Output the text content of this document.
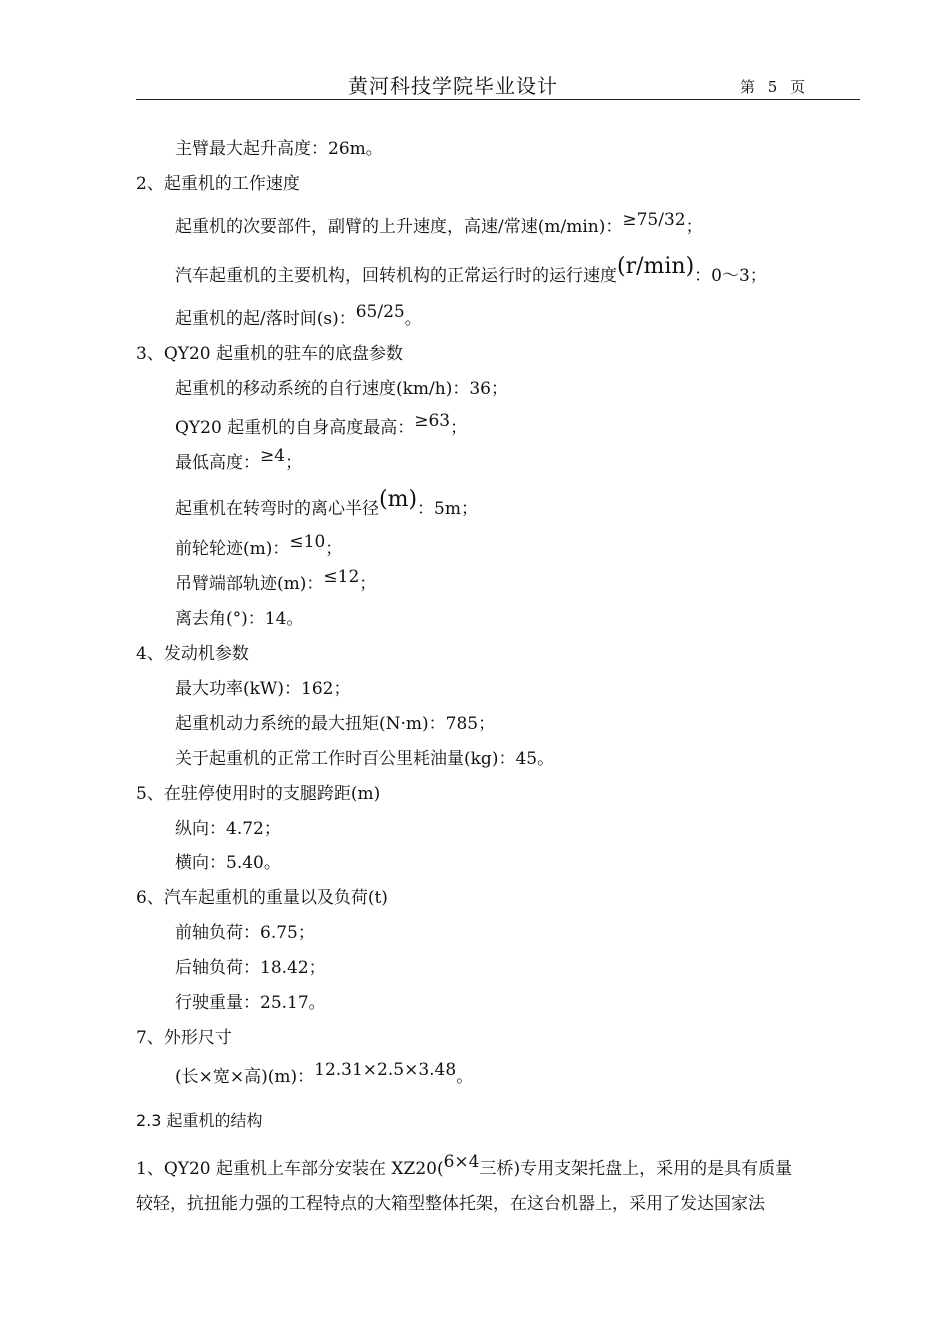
黄河科技学院毕业设计	第 5 页
主臂最大起升高度：26m。
2、起重机的工作速度
起重机的次要部件，副臂的上升速度，高速/常速(m/min)：≥75/32；
汽车起重机的主要机构，回转机构的正常运行时的运行速度(r/min)：0～3；
起重机的起/落时间(s)：65/25。
3、QY20 起重机的驻车的底盘参数
起重机的移动系统的自行速度(km/h)：36；
QY20 起重机的自身高度最高：≥63；
最低高度：≥4；
起重机在转弯时的离心半径(m)：5m；
前轮轮迹(m)：≤10；
吊臂端部轨迹(m)：≤12；
离去角(°)：14。
4、发动机参数
最大功率(kW)：162；
起重机动力系统的最大扭矩(N·m)：785；
关于起重机的正常工作时百公里耗油量(kg)：45。
5、在驻停使用时的支腿跨距(m)
纵向：4.72；
横向：5.40。
6、汽车起重机的重量以及负荷(t)
前轴负荷：6.75；
后轴负荷：18.42；
行驶重量：25.17。
7、外形尺寸
(长×宽×高)(m)：12.31×2.5×3.48。
2.3 起重机的结构
1、QY20 起重机上车部分安装在 XZ20(6×4三桥)专用支架托盘上，采用的是具有质量
较轻，抗扭能力强的工程特点的大箱型整体托架，在这台机器上，采用了发达国家法
